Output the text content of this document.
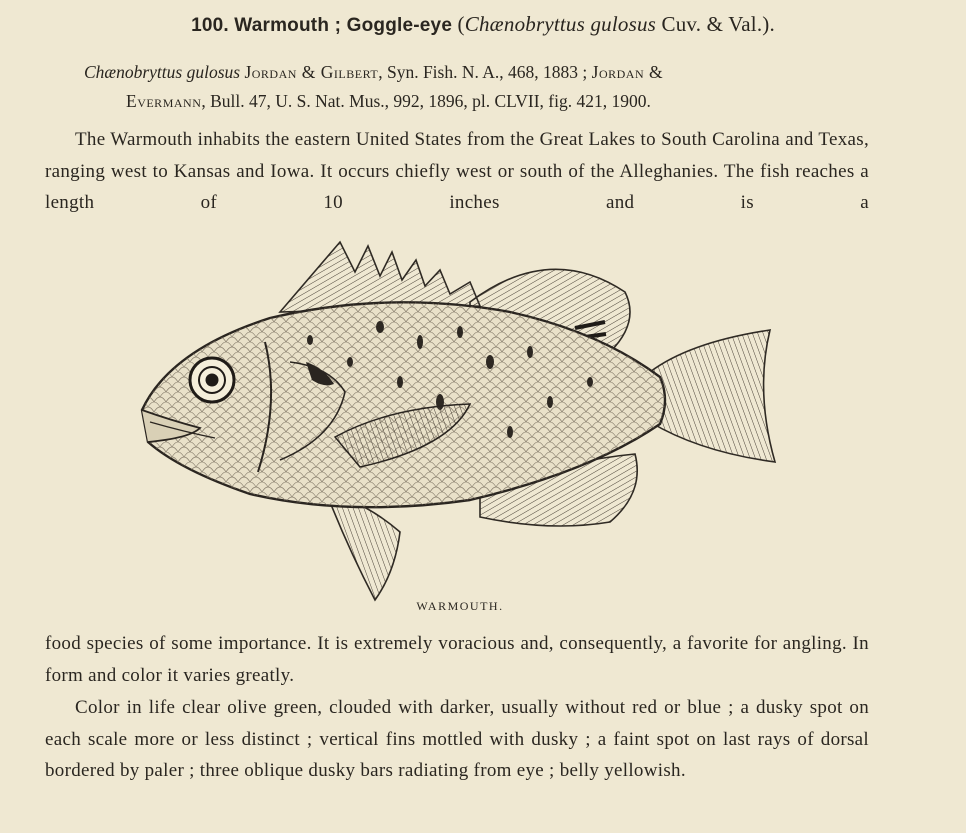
100. Warmouth ; Goggle-eye (Chænobryttus gulosus Cuv. & Val.).
Chænobryttus gulosus Jordan & Gilbert, Syn. Fish. N. A., 468, 1883 ; Jordan &
Evermann, Bull. 47, U. S. Nat. Mus., 992, 1896, pl. CLVII, fig. 421, 1900.
The Warmouth inhabits the eastern United States from the Great Lakes to South Carolina and Texas, ranging west to Kansas and Iowa. It occurs chiefly west or south of the Alleghanies. The fish reaches a length of 10 inches and is a
WARMOUTH.
food species of some importance. It is extremely voracious and, consequently, a favorite for angling. In form and color it varies greatly.
Color in life clear olive green, clouded with darker, usually without red or blue ; a dusky spot on each scale more or less distinct ; vertical fins mottled with dusky ; a faint spot on last rays of dorsal bordered by paler ; three oblique dusky bars radiating from eye ; belly yellowish.
